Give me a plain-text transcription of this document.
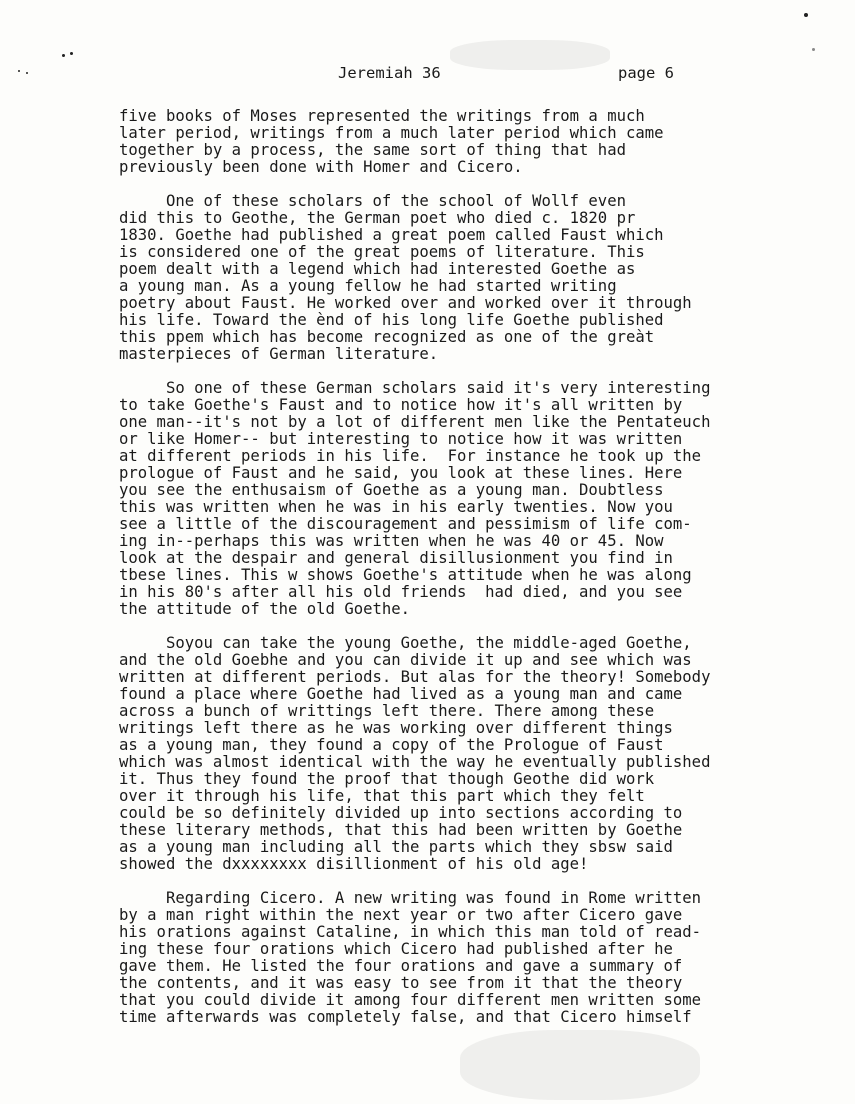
Jeremiah 36	page 6
five books of Moses represented the writings from a much
later period, writings from a much later period which came
together by a process, the same sort of thing that had
previously been done with Homer and Cicero.
One of these scholars of the school of Wollf even
did this to Geothe, the German poet who died c. 1820 pr
1830. Goethe had published a great poem called Faust which
is considered one of the great poems of literature. This
poem dealt with a legend which had interested Goethe as
a young man. As a young fellow he had started writing
poetry about Faust. He worked over and worked over it through
his life. Toward the ènd of his long life Goethe published
this ppem which has become recognized as one of the greàt
masterpieces of German literature.
So one of these German scholars said it's very interesting
to take Goethe's Faust and to notice how it's all written by
one man--it's not by a lot of different men like the Pentateuch
or like Homer-- but interesting to notice how it was written
at different periods in his life.  For instance he took up the
prologue of Faust and he said, you look at these lines. Here
you see the enthusaism of Goethe as a young man. Doubtless
this was written when he was in his early twenties. Now you
see a little of the discouragement and pessimism of life com-
ing in--perhaps this was written when he was 40 or 45. Now
look at the despair and general disillusionment you find in
tbese lines. This w shows Goethe's attitude when he was along
in his 80's after all his old friends  had died, and you see
the attitude of the old Goethe.
Soyou can take the young Goethe, the middle-aged Goethe,
and the old Goebhe and you can divide it up and see which was
written at different periods. But alas for the theory! Somebody
found a place where Goethe had lived as a young man and came
across a bunch of writtings left there. There among these
writings left there as he was working over different things
as a young man, they found a copy of the Prologue of Faust
which was almost identical with the way he eventually published
it. Thus they found the proof that though Geothe did work
over it through his life, that this part which they felt
could be so definitely divided up into sections according to
these literary methods, that this had been written by Goethe
as a young man including all the parts which they sbsw said
showed the dxxxxxxxx disillionment of his old age!
Regarding Cicero. A new writing was found in Rome written
by a man right within the next year or two after Cicero gave
his orations against Cataline, in which this man told of read-
ing these four orations which Cicero had published after he
gave them. He listed the four orations and gave a summary of
the contents, and it was easy to see from it that the theory
that you could divide it among four different men written some
time afterwards was completely false, and that Cicero himself
